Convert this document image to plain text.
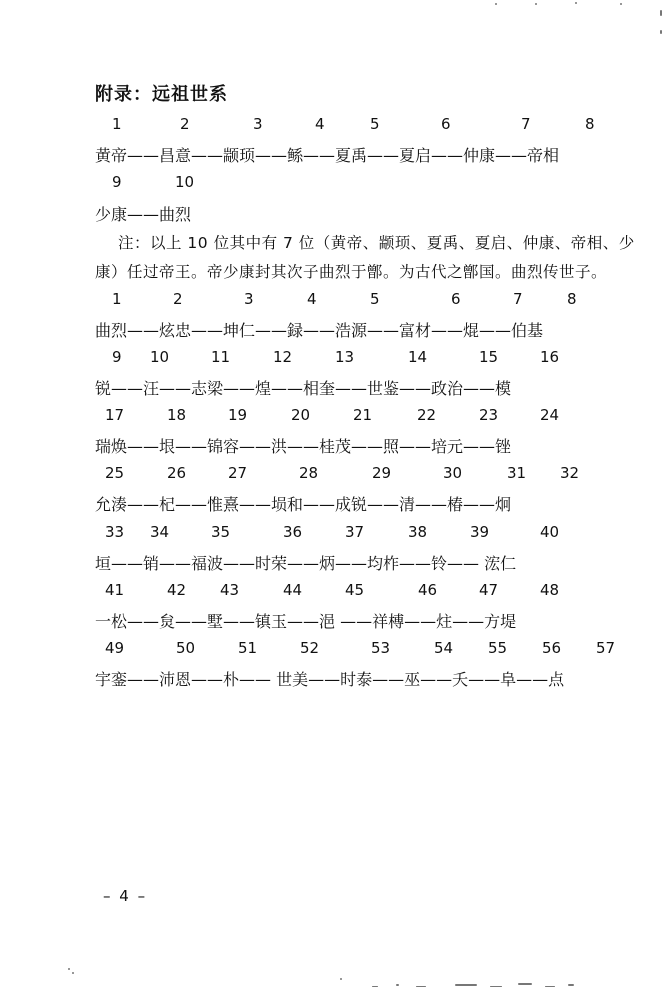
附录：远祖世系
1	2	3	4	5	6	7	8
黄帝——昌意——颛顼——鲧——夏禹——夏启——仲康——帝相
9	10
少康——曲烈
注：以上 10 位其中有 7 位（黄帝、颛顼、夏禹、夏启、仲康、帝相、少
康）任过帝王。帝少康封其次子曲烈于鄫。为古代之鄫国。曲烈传世子。
1	2	3	4	5	6	7	8
曲烈——炫忠——坤仁——録——浩源——富材——焜——伯基
9 10	11	12	13	14	15	16
锐——汪——志梁——煌——相奎——世鉴——政治——模
17	18	19	20	21	22	23	24
瑞焕——垠——锦容——洪——桂茂——照——培元——锉
25	26	27	28	29	30	31 32
允湊——杞——惟熹——埙和——成锐——清——椿——炯
33 34	35	36	37	38	39	40
垣——销——福波——时荣——炳——均柞——铃—— 浤仁
41	42 43	44	45	46	47	48
一松——炱——墅——镇玉——浥 ——祥榑——炷——方堤
49	50	51	52	53	54 55 56 57
宇銮——沛恩——朴—— 世美——时泰——巫——夭——阜——点
– 4 –
